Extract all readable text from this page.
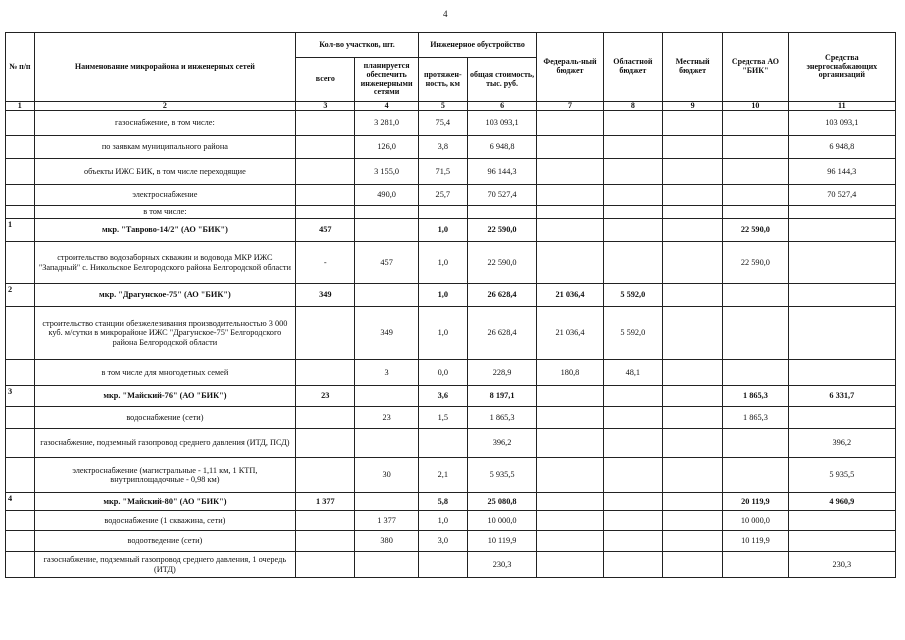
4
№ п/п	Наименование микрорайона и инженерных сетей	Кол-во участков, шт.		Инженерное обустройство		Федераль-ный бюджет	Областной бюджет	Местный бюджет	Средства АО "БИК"	Средства энергоснабжающих организаций
		всего	планируется обеспечить инженерными сетями	протяжен-ность, км	общая стоимость, тыс. руб.					
1	2	3	4	5	6	7	8	9	10	11
	газоснабжение, в том числе:		3 281,0	75,4	103 093,1					103 093,1
	по заявкам муниципального района		126,0	3,8	6 948,8					6 948,8
	объекты ИЖС БИК, в том числе переходящие		3 155,0	71,5	96 144,3					96 144,3
	электроснабжение		490,0	25,7	70 527,4					70 527,4
	в том числе:									
1	мкр. "Таврово-14/2" (АО "БИК")	457		1,0	22 590,0				22 590,0	
	строительство водозаборных скважин и водовода МКР ИЖС "Западный" с. Никольское Белгородского района Белгородской области	-	457	1,0	22 590,0				22 590,0	
2	мкр. "Драгунское-75" (АО "БИК")	349		1,0	26 628,4	21 036,4	5 592,0			
	строительство станции обезжелезивания производительностью 3 000 куб. м/сутки в микрорайоне ИЖС "Драгунское-75" Белгородского района Белгородской области		349	1,0	26 628,4	21 036,4	5 592,0			
	в том числе для многодетных семей		3	0,0	228,9	180,8	48,1			
3	мкр. "Майский-76" (АО "БИК")	23		3,6	8 197,1				1 865,3	6 331,7
	водоснабжение (сети)		23	1,5	1 865,3				1 865,3	
	газоснабжение, подземный газопровод среднего давления (ИТД, ПСД)				396,2					396,2
	электроснабжение (магистральные - 1,11 км, 1 КТП, внутриплощадочные - 0,98 км)		30	2,1	5 935,5					5 935,5
4	мкр. "Майский-80" (АО "БИК")	1 377		5,8	25 080,8				20 119,9	4 960,9
	водоснабжение (1 скважина, сети)		1 377	1,0	10 000,0				10 000,0	
	водоотведение (сети)		380	3,0	10 119,9				10 119,9	
	газоснабжение, подземный газопровод среднего давления, 1 очередь (ИТД)				230,3					230,3
